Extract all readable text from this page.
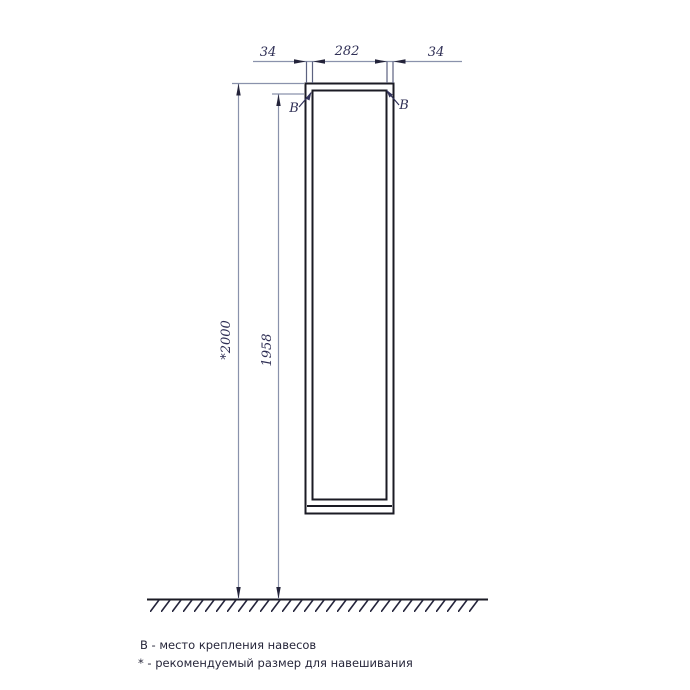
34	282	34
*2000 1958
В	В
В - место крепления навесов
* - рекомендуемый размер для навешивания
